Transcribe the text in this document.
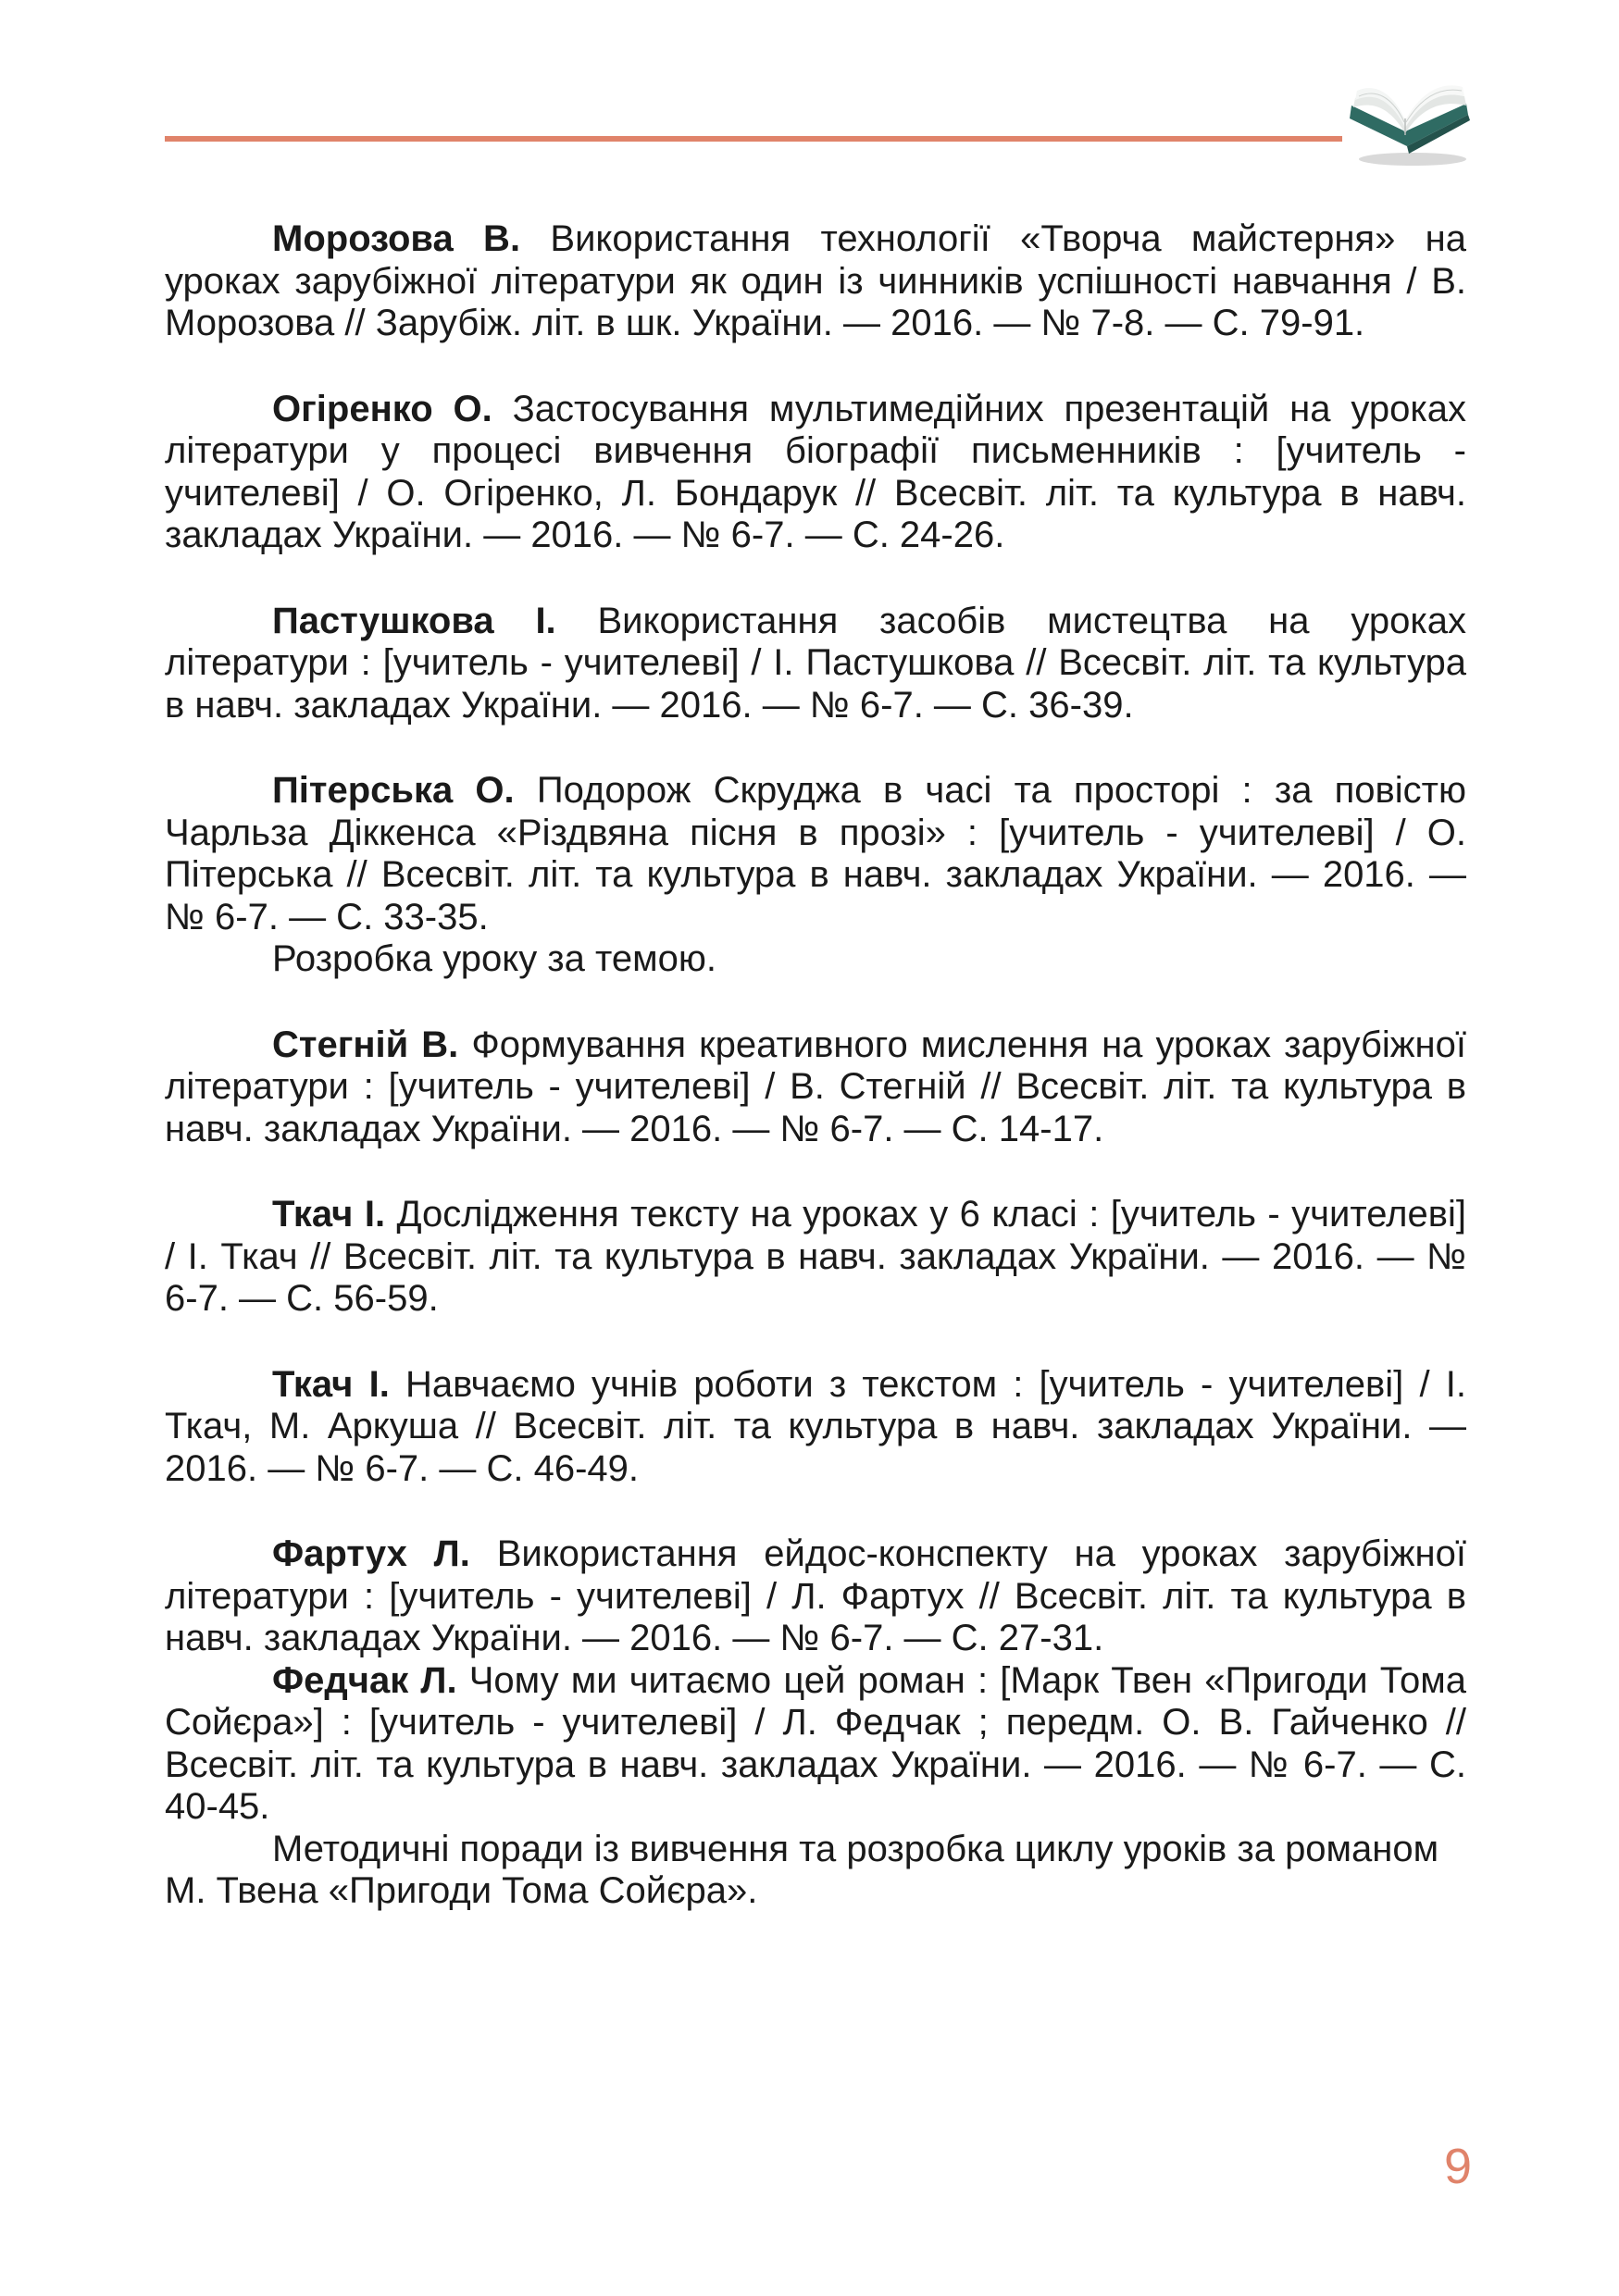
Морозова В. Використання технології «Творча майстерня» на уроках зарубіжної літератури як один із чинників успішності навчання / В. Морозова // Зарубіж. літ. в шк. України. — 2016. — № 7-8. — С. 79-91.

Огіренко О. Застосування мультимедійних презентацій на уроках літератури у процесі вивчення біографії письменників : [учитель - учителеві] / О. Огіренко, Л. Бондарук // Всесвіт. літ. та культура в навч. закладах України. — 2016. — № 6-7. — С. 24-26.

Пастушкова І. Використання засобів мистецтва на уроках літератури : [учитель - учителеві] / І. Пастушкова // Всесвіт. літ. та культура в навч. закладах України. — 2016. — № 6-7. — С. 36-39.

Пітерська О. Подорож Скруджа в часі та просторі : за повістю Чарльза Діккенса «Різдвяна пісня в прозі» : [учитель - учителеві] / О. Пітерська // Всесвіт. літ. та культура в навч. закладах України. — 2016. — № 6-7. — С. 33-35.

Розробка уроку за темою.

Стегній В. Формування креативного мислення на уроках зарубіжної літератури : [учитель - учителеві] / В. Стегній // Всесвіт. літ. та культура в навч. закладах України. — 2016. — № 6-7. — С. 14-17.

Ткач І. Дослідження тексту на уроках у 6 класі : [учитель - учителеві] / І. Ткач // Всесвіт. літ. та культура в навч. закладах України. — 2016. — № 6-7. — С. 56-59.

Ткач І. Навчаємо учнів роботи з текстом : [учитель - учителеві] / І. Ткач, М. Аркуша // Всесвіт. літ. та культура в навч. закладах України. — 2016. — № 6-7. — С. 46-49.

Фартух Л. Використання ейдос-конспекту на уроках зарубіжної літератури : [учитель - учителеві] / Л. Фартух // Всесвіт. літ. та культура в навч. закладах України. — 2016. — № 6-7. — С. 27-31.

Федчак Л. Чому ми читаємо цей роман : [Марк Твен «Пригоди Тома Сойєра»] : [учитель - учителеві] / Л. Федчак ; передм. О. В. Гайченко // Всесвіт. літ. та культура в навч. закладах України. — 2016. — № 6-7. — С. 40-45.

Методичні поради із вивчення та розробка циклу уроків за романом М. Твена «Пригоди Тома Сойєра».

9
